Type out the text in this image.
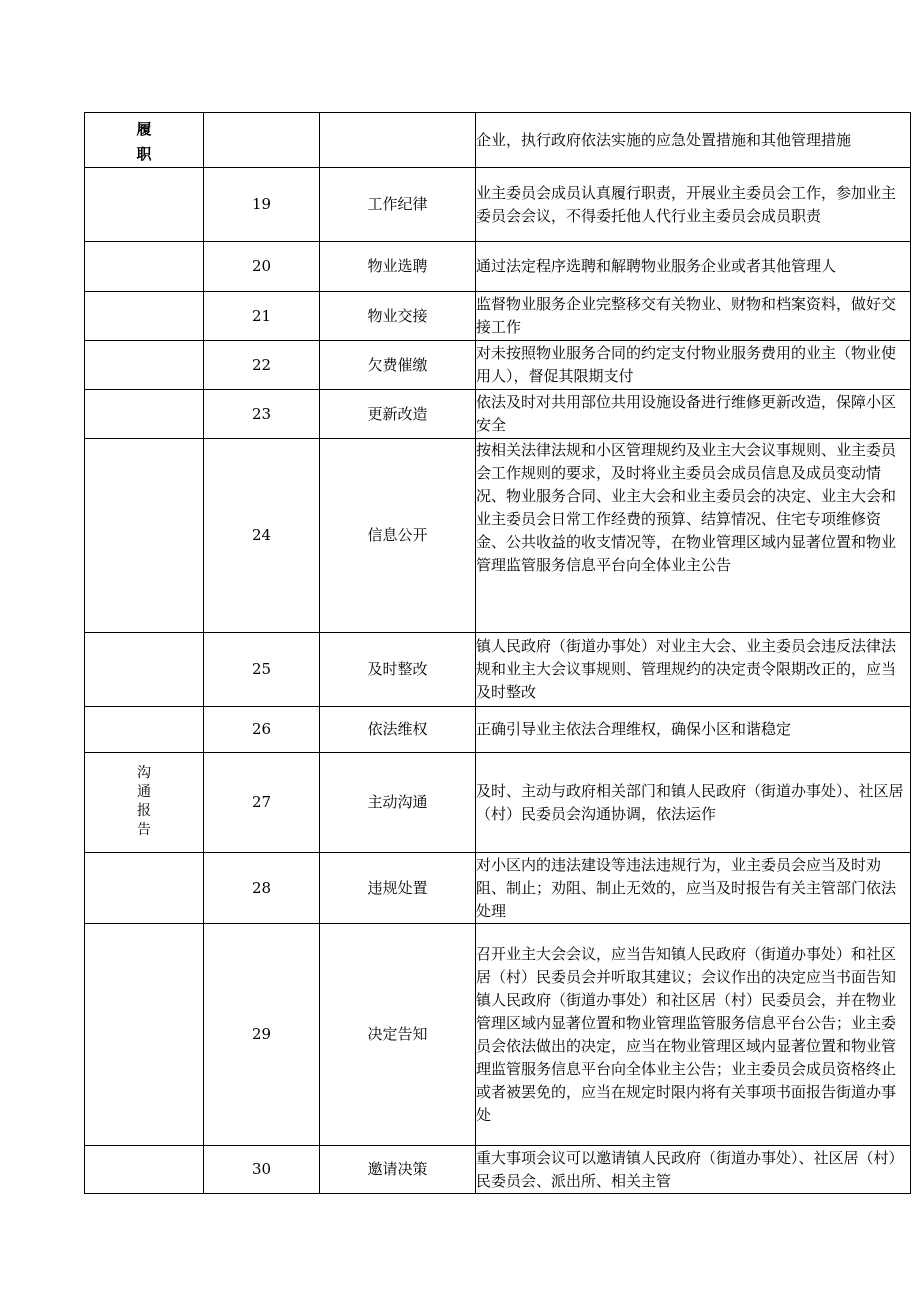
履职			企业，执行政府依法实施的应急处置措施和其他管理措施
	19	工作纪律	业主委员会成员认真履行职责，开展业主委员会工作，参加业主委员会会议，不得委托他人代行业主委员会成员职责
	20	物业选聘	通过法定程序选聘和解聘物业服务企业或者其他管理人
	21	物业交接	监督物业服务企业完整移交有关物业、财物和档案资料，做好交接工作
	22	欠费催缴	对未按照物业服务合同的约定支付物业服务费用的业主（物业使用人），督促其限期支付
	23	更新改造	依法及时对共用部位共用设施设备进行维修更新改造，保障小区安全
	24	信息公开	按相关法律法规和小区管理规约及业主大会议事规则、业主委员会工作规则的要求，及时将业主委员会成员信息及成员变动情况、物业服务合同、业主大会和业主委员会的决定、业主大会和业主委员会日常工作经费的预算、结算情况、住宅专项维修资金、公共收益的收支情况等，在物业管理区域内显著位置和物业管理监管服务信息平台向全体业主公告
	25	及时整改	镇人民政府（街道办事处）对业主大会、业主委员会违反法律法规和业主大会议事规则、管理规约的决定责令限期改正的，应当及时整改
	26	依法维权	正确引导业主依法合理维权，确保小区和谐稳定
沟通报告	27	主动沟通	及时、主动与政府相关部门和镇人民政府（街道办事处）、社区居（村）民委员会沟通协调，依法运作
	28	违规处置	对小区内的违法建设等违法违规行为，业主委员会应当及时劝阻、制止；劝阻、制止无效的，应当及时报告有关主管部门依法处理
	29	决定告知	召开业主大会会议，应当告知镇人民政府（街道办事处）和社区居（村）民委员会并听取其建议；会议作出的决定应当书面告知镇人民政府（街道办事处）和社区居（村）民委员会，并在物业管理区域内显著位置和物业管理监管服务信息平台公告；业主委员会依法做出的决定，应当在物业管理区域内显著位置和物业管理监管服务信息平台向全体业主公告；业主委员会成员资格终止或者被罢免的，应当在规定时限内将有关事项书面报告街道办事处
	30	邀请决策	重大事项会议可以邀请镇人民政府（街道办事处）、社区居（村）民委员会、派出所、相关主管
